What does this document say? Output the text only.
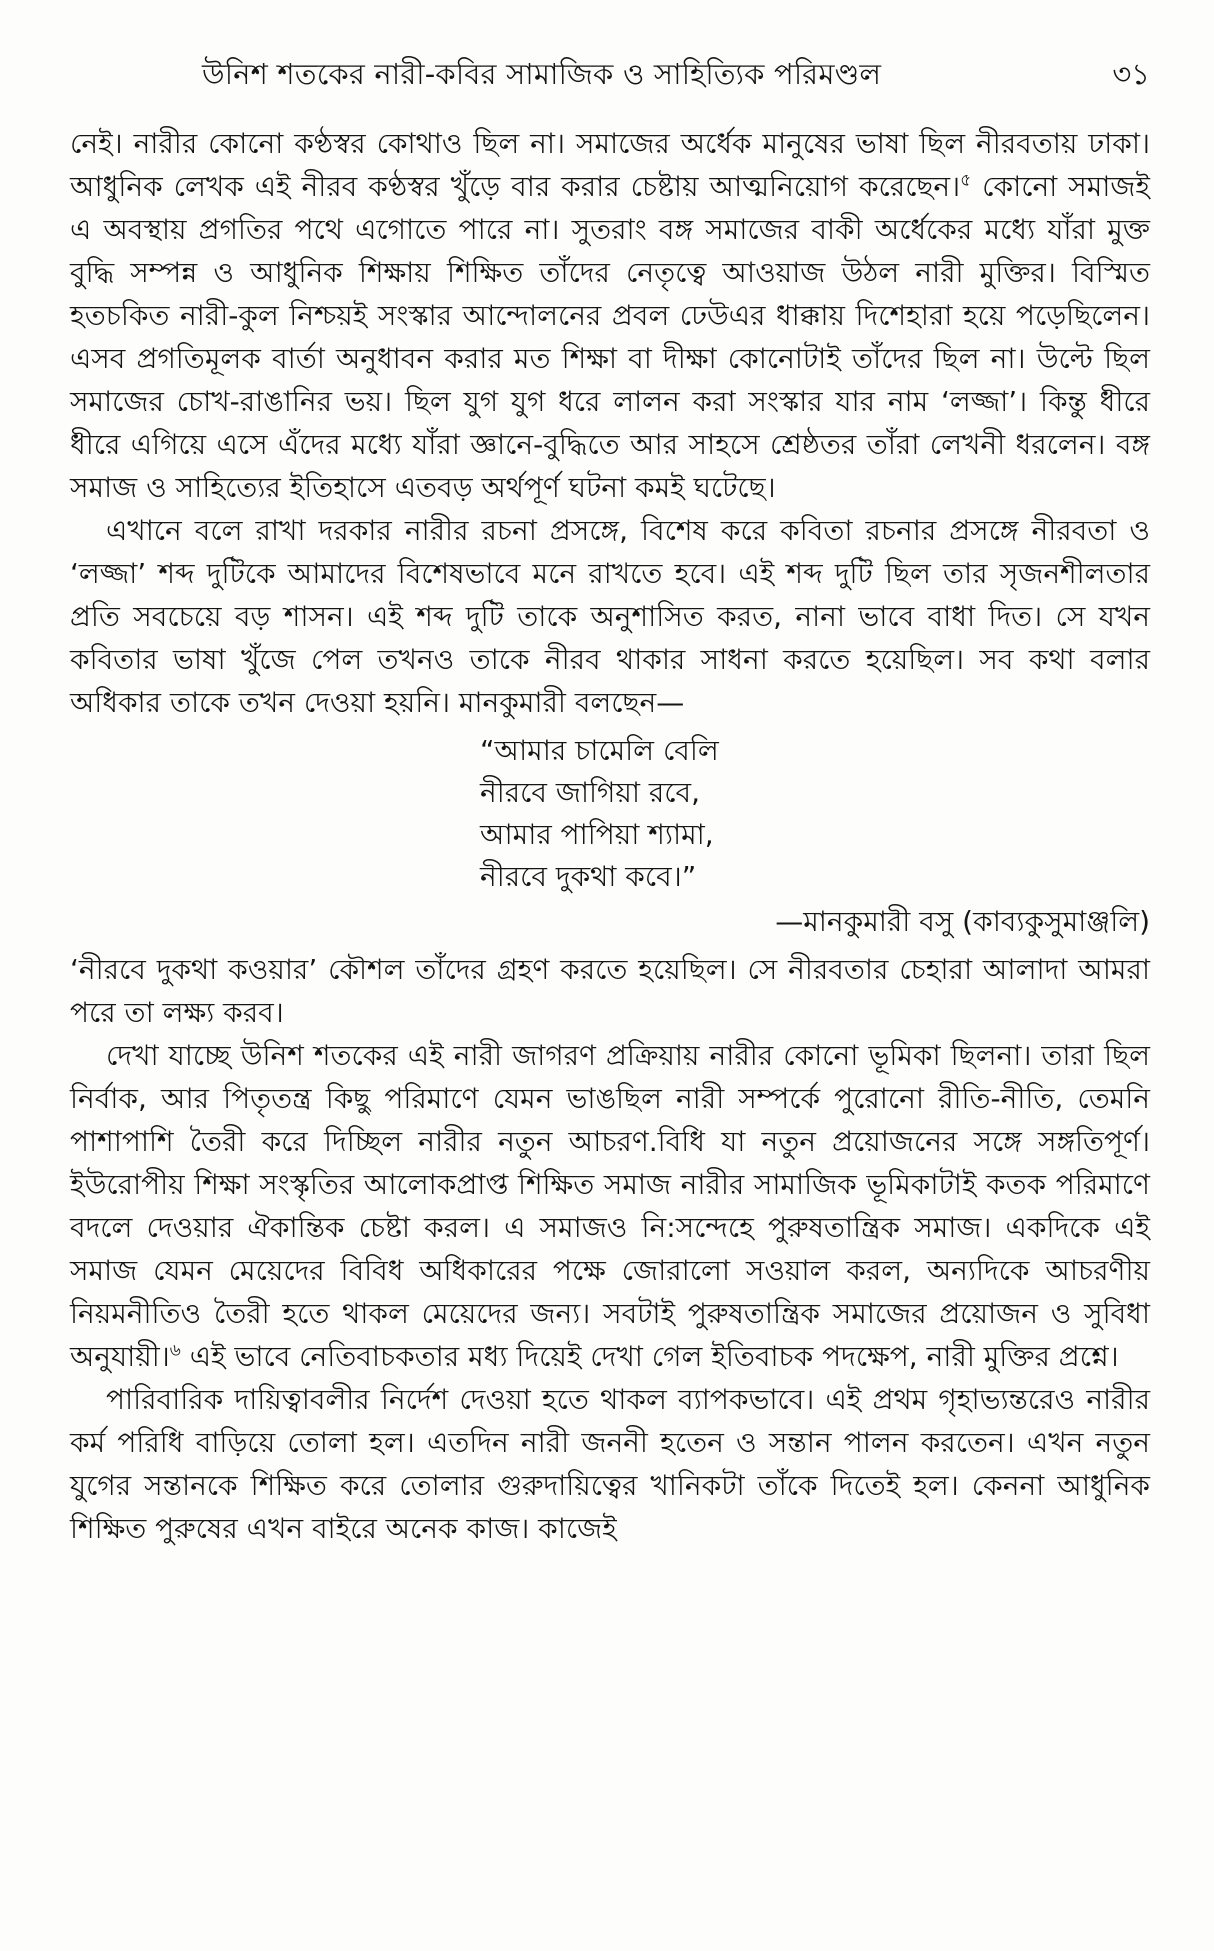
উনিশ শতকের নারী-কবির সামাজিক ও সাহিত্যিক পরিমণ্ডল	৩১

নেই। নারীর কোনো কণ্ঠস্বর কোথাও ছিল না। সমাজের অর্ধেক মানুষের ভাষা ছিল নীরবতায় ঢাকা। আধুনিক লেখক এই নীরব কণ্ঠস্বর খুঁড়ে বার করার চেষ্টায় আত্মনিয়োগ করেছেন।$^৫$ কোনো সমাজই এ অবস্থায় প্রগতির পথে এগোতে পারে না। সুতরাং বঙ্গ সমাজের বাকী অর্ধেকের মধ্যে যাঁরা মুক্ত বুদ্ধি সম্পন্ন ও আধুনিক শিক্ষায় শিক্ষিত তাঁদের নেতৃত্বে আওয়াজ উঠল নারী মুক্তির। বিস্মিত হতচকিত নারী-কুল নিশ্চয়ই সংস্কার আন্দোলনের প্রবল ঢেউএর ধাক্কায় দিশেহারা হয়ে পড়েছিলেন। এসব প্রগতিমূলক বার্তা অনুধাবন করার মত শিক্ষা বা দীক্ষা কোনোটাই তাঁদের ছিল না। উল্টে ছিল সমাজের চোখ-রাঙানির ভয়। ছিল যুগ যুগ ধরে লালন করা সংস্কার যার নাম ‘লজ্জা’। কিন্তু ধীরে ধীরে এগিয়ে এসে এঁদের মধ্যে যাঁরা জ্ঞানে-বুদ্ধিতে আর সাহসে শ্রেষ্ঠতর তাঁরা লেখনী ধরলেন। বঙ্গ সমাজ ও সাহিত্যের ইতিহাসে এতবড় অর্থপূর্ণ ঘটনা কমই ঘটেছে।

এখানে বলে রাখা দরকার নারীর রচনা প্রসঙ্গে, বিশেষ করে কবিতা রচনার প্রসঙ্গে নীরবতা ও ‘লজ্জা’ শব্দ দুটিকে আমাদের বিশেষভাবে মনে রাখতে হবে। এই শব্দ দুটি ছিল তার সৃজনশীলতার প্রতি সবচেয়ে বড় শাসন। এই শব্দ দুটি তাকে অনুশাসিত করত, নানা ভাবে বাধা দিত। সে যখন কবিতার ভাষা খুঁজে পেল তখনও তাকে নীরব থাকার সাধনা করতে হয়েছিল। সব কথা বলার অধিকার তাকে তখন দেওয়া হয়নি। মানকুমারী বলছেন—

“আমার চামেলি বেলি
নীরবে জাগিয়া রবে,
আমার পাপিয়া শ্যামা,
নীরবে দুকথা কবে।”
—মানকুমারী বসু (কাব্যকুসুমাঞ্জলি)

‘নীরবে দুকথা কওয়ার’ কৌশল তাঁদের গ্রহণ করতে হয়েছিল। সে নীরবতার চেহারা আলাদা আমরা পরে তা লক্ষ্য করব।

দেখা যাচ্ছে উনিশ শতকের এই নারী জাগরণ প্রক্রিয়ায় নারীর কোনো ভূমিকা ছিলনা। তারা ছিল নির্বাক, আর পিতৃতন্ত্র কিছু পরিমাণে যেমন ভাঙছিল নারী সম্পর্কে পুরোনো রীতি-নীতি, তেমনি পাশাপাশি তৈরী করে দিচ্ছিল নারীর নতুন আচরণ.বিধি যা নতুন প্রয়োজনের সঙ্গে সঙ্গতিপূর্ণ। ইউরোপীয় শিক্ষা সংস্কৃতির আলোকপ্রাপ্ত শিক্ষিত সমাজ নারীর সামাজিক ভূমিকাটাই কতক পরিমাণে বদলে দেওয়ার ঐকান্তিক চেষ্টা করল। এ সমাজও নি:সন্দেহে পুরুষতান্ত্রিক সমাজ। একদিকে এই সমাজ যেমন মেয়েদের বিবিধ অধিকারের পক্ষে জোরালো সওয়াল করল, অন্যদিকে আচরণীয় নিয়মনীতিও তৈরী হতে থাকল মেয়েদের জন্য। সবটাই পুরুষতান্ত্রিক সমাজের প্রয়োজন ও সুবিধা অনুযায়ী।$^৬$ এই ভাবে নেতিবাচকতার মধ্য দিয়েই দেখা গেল ইতিবাচক পদক্ষেপ, নারী মুক্তির প্রশ্নে।

পারিবারিক দায়িত্বাবলীর নির্দেশ দেওয়া হতে থাকল ব্যাপকভাবে। এই প্রথম গৃহাভ্যন্তরেও নারীর কর্ম পরিধি বাড়িয়ে তোলা হল। এতদিন নারী জননী হতেন ও সন্তান পালন করতেন। এখন নতুন যুগের সন্তানকে শিক্ষিত করে তোলার গুরুদায়িত্বের খানিকটা তাঁকে দিতেই হল। কেননা আধুনিক শিক্ষিত পুরুষের এখন বাইরে অনেক কাজ। কাজেই
